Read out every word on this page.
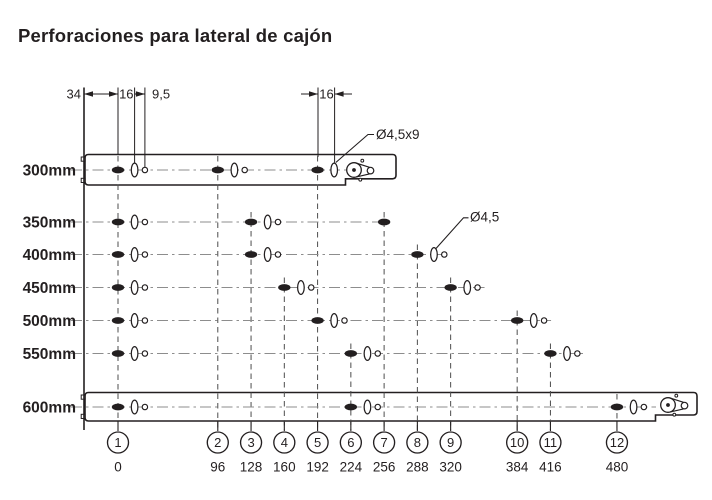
Perforaciones para lateral de cajón
300mm
350mm
400mm
450mm
500mm
550mm
600mm
1
0
2
96
3
128
4
160
5
192
6
224
7
256
8
288
9
320
10
384
11
416
12
480
34	16 9,5	16
Ø4,5x9
Ø4,5
